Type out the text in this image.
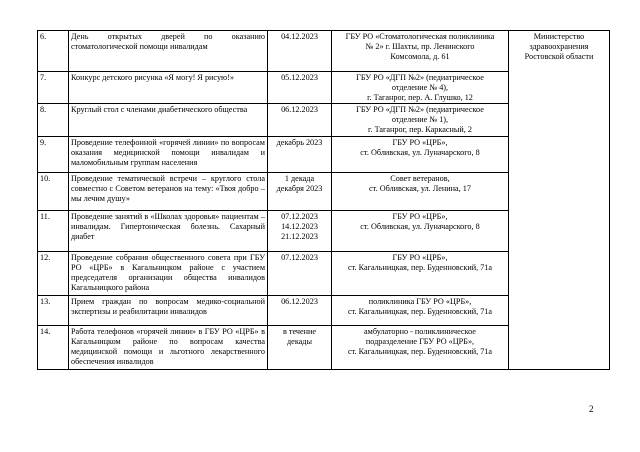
6.	День открытых дверей по оказанию стоматологической помощи инвалидам	04.12.2023	ГБУ РО «Стоматологическая поликлиника
№ 2» г. Шахты, пр. Ленинского
Комсомола, д. 61	Министерство
здравоохранения
Ростовской области

7.	Конкурс детского рисунка «Я могу! Я рисую!»	05.12.2023	ГБУ РО «ДГП №2» (педиатрическое
отделение № 4),
г. Таганрог, пер. А. Глушко, 12	

8.	Круглый стол с членами диабетического общества	06.12.2023	ГБУ РО «ДГП №2» (педиатрическое
отделение № 1),
г. Таганрог, пер. Каркасный, 2	

9.	Проведение телефонной «горячей линии» по вопросам оказания медицинской помощи инвалидам и маломобильным группам населения	декабрь 2023	ГБУ РО «ЦРБ»,
ст. Обливская, ул. Луначарского, 8	

10.	Проведение тематической встречи – круглого стола совместно с Советом ветеранов на тему: «Твоя добро – мы лечим душу»	1 декада
декабря 2023	Совет ветеранов,
ст. Обливская, ул. Ленина, 17	

11.	Проведение занятий в «Школах здоровья» пациентам – инвалидам. Гипертоническая болезнь. Сахарный диабет	07.12.2023
14.12.2023
21.12.2023	ГБУ РО «ЦРБ»,
ст. Обливская, ул. Луначарского, 8	

12.	Проведение собрания общественного совета при ГБУ РО «ЦРБ» в Кагальницком районе с участием председателя организации общества инвалидов Кагальницкого района	07.12.2023	ГБУ РО «ЦРБ»,
ст. Кагальницкая, пер. Буденновский, 71а	

13.	Прием граждан по вопросам медико-социальной экспертизы и реабилитации инвалидов	06.12.2023	поликлиника ГБУ РО «ЦРБ»,
ст. Кагальницкая, пер. Буденновский, 71а	

14.	Работа телефонов «горячей линии» в ГБУ РО «ЦРБ» в Кагальницком районе по вопросам качества медицинской помощи и льготного лекарственного обеспечения инвалидов	в течение
декады	амбулаторно - поликлиническое
подразделение ГБУ РО «ЦРБ»,
ст. Кагальницкая, пер. Буденновский, 71а	
2
